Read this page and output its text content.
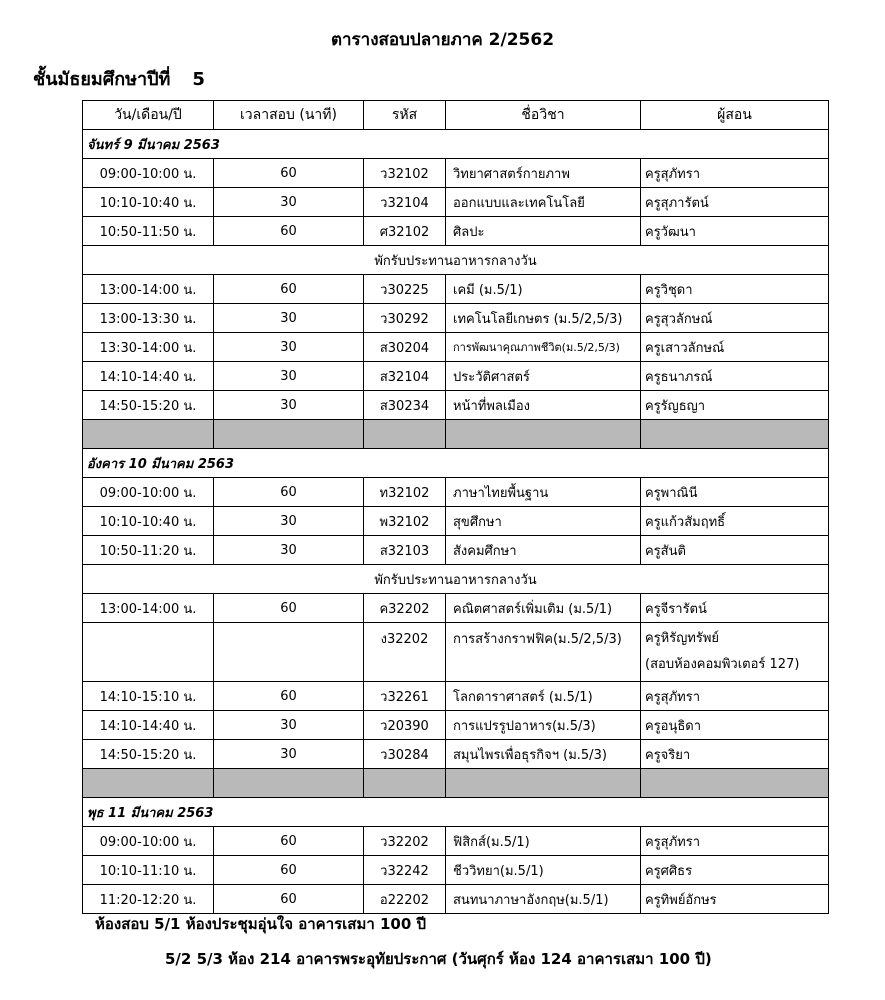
ตารางสอบปลายภาค 2/2562
ชั้นมัธยมศึกษาปีที่ 5
วัน/เดือน/ปี	เวลาสอบ (นาที)	รหัส	ชื่อวิชา	ผู้สอน
จันทร์ 9 มีนาคม 2563				
09:00-10:00 น.	60	ว32102	วิทยาศาสตร์กายภาพ	ครูสุภัทรา
10:10-10:40 น.	30	ว32104	ออกแบบและเทคโนโลยี	ครูสุภารัตน์
10:50-11:50 น.	60	ศ32102	ศิลปะ	ครูวัฒนา
พักรับประทานอาหารกลางวัน				
13:00-14:00 น.	60	ว30225	เคมี (ม.5/1)	ครูวิชุดา
13:00-13:30 น.	30	ว30292	เทคโนโลยีเกษตร (ม.5/2,5/3)	ครูสุวลักษณ์
13:30-14:00 น.	30	ส30204	การพัฒนาคุณภาพชีวิต(ม.5/2,5/3)	ครูเสาวลักษณ์
14:10-14:40 น.	30	ส32104	ประวัติศาสตร์	ครูธนาภรณ์
14:50-15:20 น.	30	ส30234	หน้าที่พลเมือง	ครูรัญธญา

อังคาร 10 มีนาคม 2563				
09:00-10:00 น.	60	ท32102	ภาษาไทยพื้นฐาน	ครูพาณินี
10:10-10:40 น.	30	พ32102	สุขศึกษา	ครูแก้วสัมฤทธิ์
10:50-11:20 น.	30	ส32103	สังคมศึกษา	ครูสันติ
พักรับประทานอาหารกลางวัน				
13:00-14:00 น.	60	ค32202	คณิตศาสตร์เพิ่มเติม (ม.5/1)	ครูจีรารัตน์
		ง32202	การสร้างกราฟฟิค(ม.5/2,5/3)	ครูหิรัญทรัพย์
(สอบห้องคอมพิวเตอร์ 127)

14:10-15:10 น.	60	ว32261	โลกดาราศาสตร์ (ม.5/1)	ครูสุภัทรา
14:10-14:40 น.	30	ว20390	การแปรรูปอาหาร(ม.5/3)	ครูอนุธิดา
14:50-15:20 น.	30	ว30284	สมุนไพรเพื่อธุรกิจฯ (ม.5/3)	ครูจริยา

พุธ 11 มีนาคม 2563				
09:00-10:00 น.	60	ว32202	ฟิสิกส์(ม.5/1)	ครูสุภัทรา
10:10-11:10 น.	60	ว32242	ชีววิทยา(ม.5/1)	ครูศศิธร
11:20-12:20 น.	60	อ22202	สนทนาภาษาอังกฤษ(ม.5/1)	ครูทิพย์อักษร
ห้องสอบ 5/1 ห้องประชุมอุ่นใจ อาคารเสมา 100 ปี
5/2 5/3 ห้อง 214 อาคารพระอุทัยประกาศ (วันศุกร์ ห้อง 124 อาคารเสมา 100 ปี)
